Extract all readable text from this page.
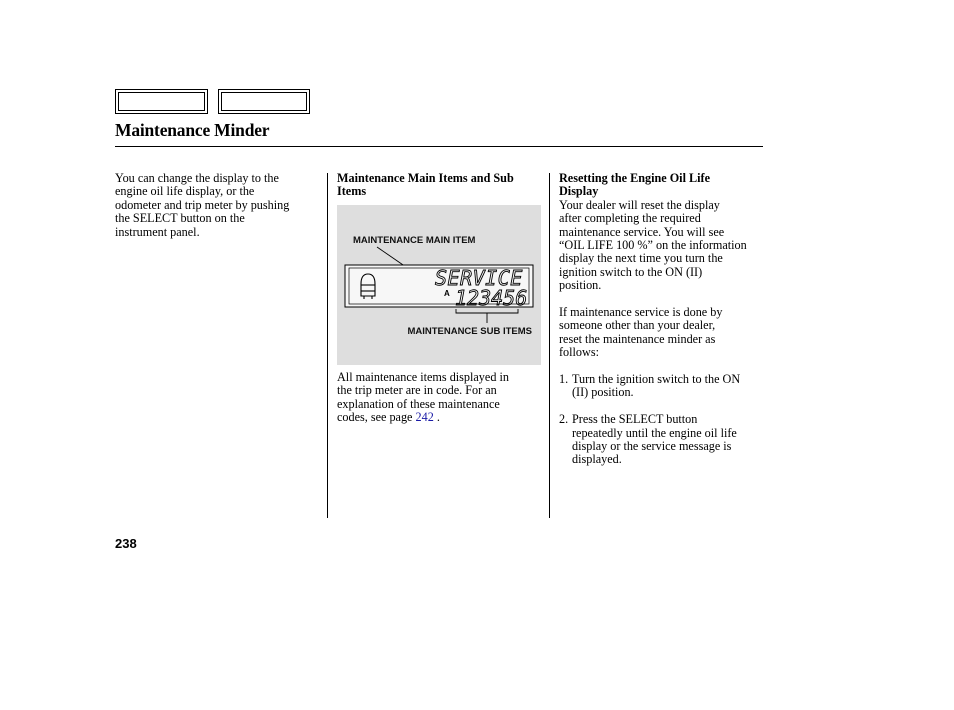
Maintenance Minder

You can change the display to the

engine oil life display, or the

odometer and trip meter by pushing

the SELECT button on the

instrument panel.

Maintenance Main Items and Sub

Items

MAINTENANCE MAIN ITEM
SERVICE
A 123456
MAINTENANCE SUB ITEMS

All maintenance items displayed in

the trip meter are in code. For an

explanation of these maintenance

codes, see page 242 .

Resetting the Engine Oil Life

Display

Your dealer will reset the display

after completing the required

maintenance service. You will see

“OIL LIFE 100 %” on the information

display the next time you turn the

ignition switch to the ON (II)

position.

If maintenance service is done by

someone other than your dealer,

reset the maintenance minder as

follows:

1. Turn the ignition switch to the ON

(II) position.

2. Press the SELECT button

repeatedly until the engine oil life

display or the service message is

displayed.

238
